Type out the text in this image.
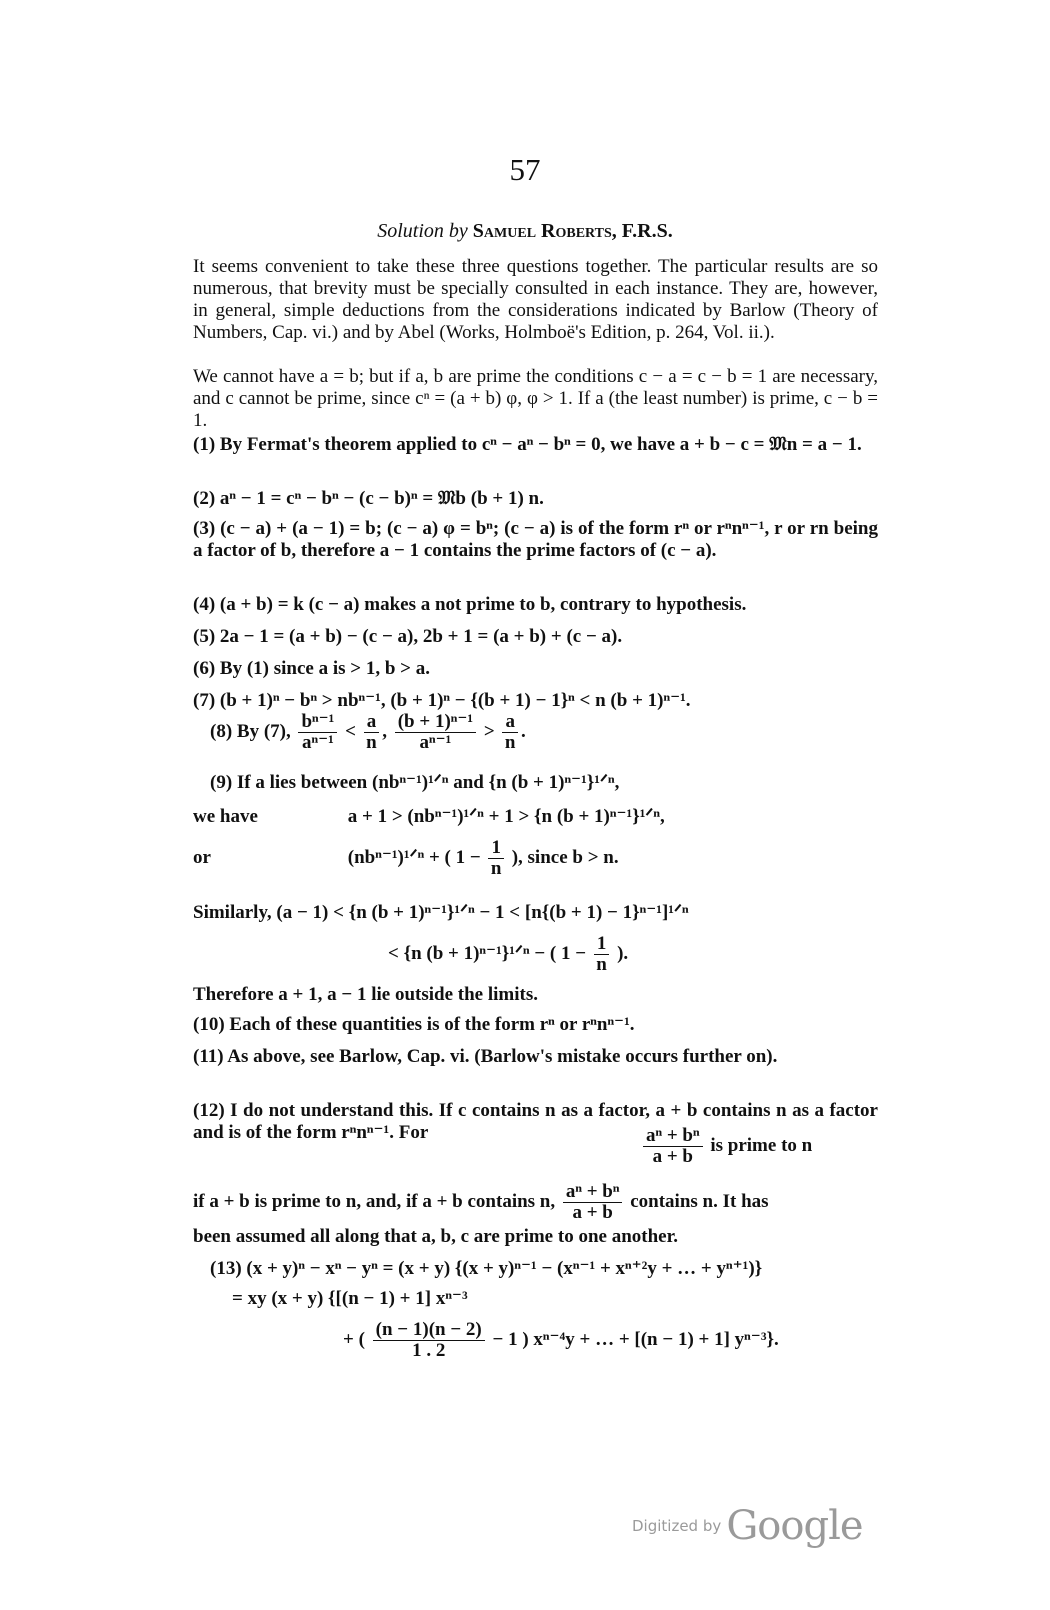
57
Solution by Samuel Roberts, F.R.S.
It seems convenient to take these three questions together. The particular results are so numerous, that brevity must be specially consulted in each instance. They are, however, in general, simple deductions from the considerations indicated by Barlow (Theory of Numbers, Cap. vi.) and by Abel (Works, Holmboë's Edition, p. 264, Vol. ii.).
We cannot have a = b; but if a, b are prime the conditions c − a = c − b = 1 are necessary, and c cannot be prime, since cⁿ = (a + b) φ, φ > 1. If a (the least number) is prime, c − b = 1.
(1) By Fermat's theorem applied to cⁿ − aⁿ − bⁿ = 0, we have a + b − c = 𝔐n = a − 1.
(2) aⁿ − 1 = cⁿ − bⁿ − (c − b)ⁿ = 𝔐b (b + 1) n.
(3) (c − a) + (a − 1) = b; (c − a) φ = bⁿ; (c − a) is of the form rⁿ or rⁿnⁿ⁻¹, r or rn being a factor of b, therefore a − 1 contains the prime factors of (c − a).
(4) (a + b) = k (c − a) makes a not prime to b, contrary to hypothesis.
(5) 2a − 1 = (a + b) − (c − a), 2b + 1 = (a + b) + (c − a).
(6) By (1) since a is > 1, b > a.
(7) (b + 1)ⁿ − bⁿ > nbⁿ⁻¹, (b + 1)ⁿ − {(b + 1) − 1}ⁿ < n (b + 1)ⁿ⁻¹.
(8) By (7), $\frac{\text{bⁿ⁻¹}}{\text{aⁿ⁻¹}} < \frac{a}{n}$ , $\frac{\text{(b + 1)ⁿ⁻¹}}{\text{aⁿ⁻¹}} > \frac{a}{n}$ .
(9) If a lies between (nbⁿ⁻¹)¹ᐟⁿ and {n (b + 1)ⁿ⁻¹}¹ᐟⁿ,
we have	a + 1 > (nbⁿ⁻¹)¹ᐟⁿ + 1 > {n (b + 1)ⁿ⁻¹}¹ᐟⁿ,
or	(nbⁿ⁻¹)¹ᐟⁿ + ( $1 - \frac{1}{n}$ ), since b > n.
Similarly, (a − 1) < {n (b + 1)ⁿ⁻¹}¹ᐟⁿ − 1 < [n{(b + 1) − 1}ⁿ⁻¹]¹ᐟⁿ
< {n (b + 1)ⁿ⁻¹}¹ᐟⁿ − ( $1 - \frac{1}{n}$ ).
Therefore a + 1, a − 1 lie outside the limits.
(10) Each of these quantities is of the form rⁿ or rⁿnⁿ⁻¹.
(11) As above, see Barlow, Cap. vi. (Barlow's mistake occurs further on).
(12) I do not understand this. If c contains n as a factor, a + b contains n as a factor and is of the form rⁿnⁿ⁻¹. For	$\frac{\text{aⁿ + bⁿ}}{a + b}$ is prime to n
if a + b is prime to n, and, if a + b contains n, $\frac{\text{aⁿ + bⁿ}}{a + b}$ contains n. It has
been assumed all along that a, b, c are prime to one another.
(13) (x + y)ⁿ − xⁿ − yⁿ = (x + y) {(x + y)ⁿ⁻¹ − (xⁿ⁻¹ + xⁿ⁺²y + … + yⁿ⁺¹)}
= xy (x + y) {[(n − 1) + 1] xⁿ⁻³
+ ( $\frac{(n - 1)(n - 2)}{1 . 2} - 1$ ) xⁿ⁻⁴y + … + [(n − 1) + 1] yⁿ⁻³}.
Digitized by Google
